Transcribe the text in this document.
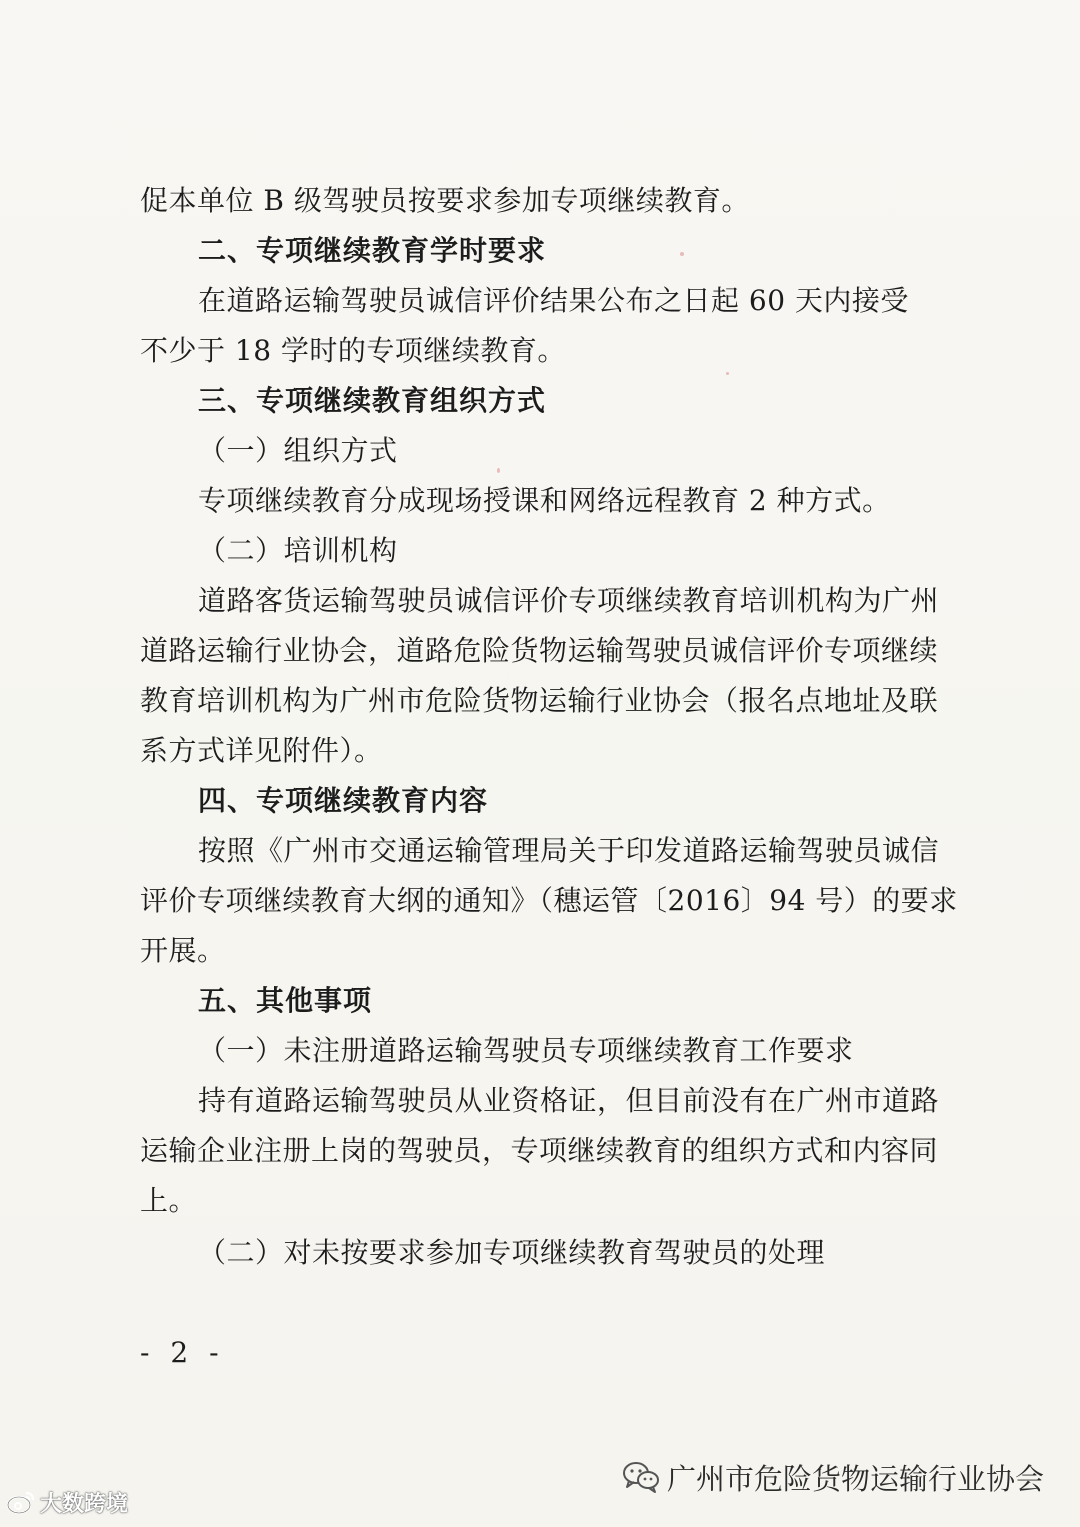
促本单位 B 级驾驶员按要求参加专项继续教育。
二、专项继续教育学时要求
在道路运输驾驶员诚信评价结果公布之日起 60 天内接受
不少于 18 学时的专项继续教育。
三、专项继续教育组织方式
（一）组织方式
专项继续教育分成现场授课和网络远程教育 2 种方式。
（二）培训机构
道路客货运输驾驶员诚信评价专项继续教育培训机构为广州
道路运输行业协会，道路危险货物运输驾驶员诚信评价专项继续
教育培训机构为广州市危险货物运输行业协会（报名点地址及联
系方式详见附件）。
四、专项继续教育内容
按照《广州市交通运输管理局关于印发道路运输驾驶员诚信
评价专项继续教育大纲的通知》（穗运管〔2016〕94 号）的要求
开展。
五、其他事项
（一）未注册道路运输驾驶员专项继续教育工作要求
持有道路运输驾驶员从业资格证，但目前没有在广州市道路
运输企业注册上岗的驾驶员，专项继续教育的组织方式和内容同
上。
（二）对未按要求参加专项继续教育驾驶员的处理
- 2 -
广州市危险货物运输行业协会
大数跨境
